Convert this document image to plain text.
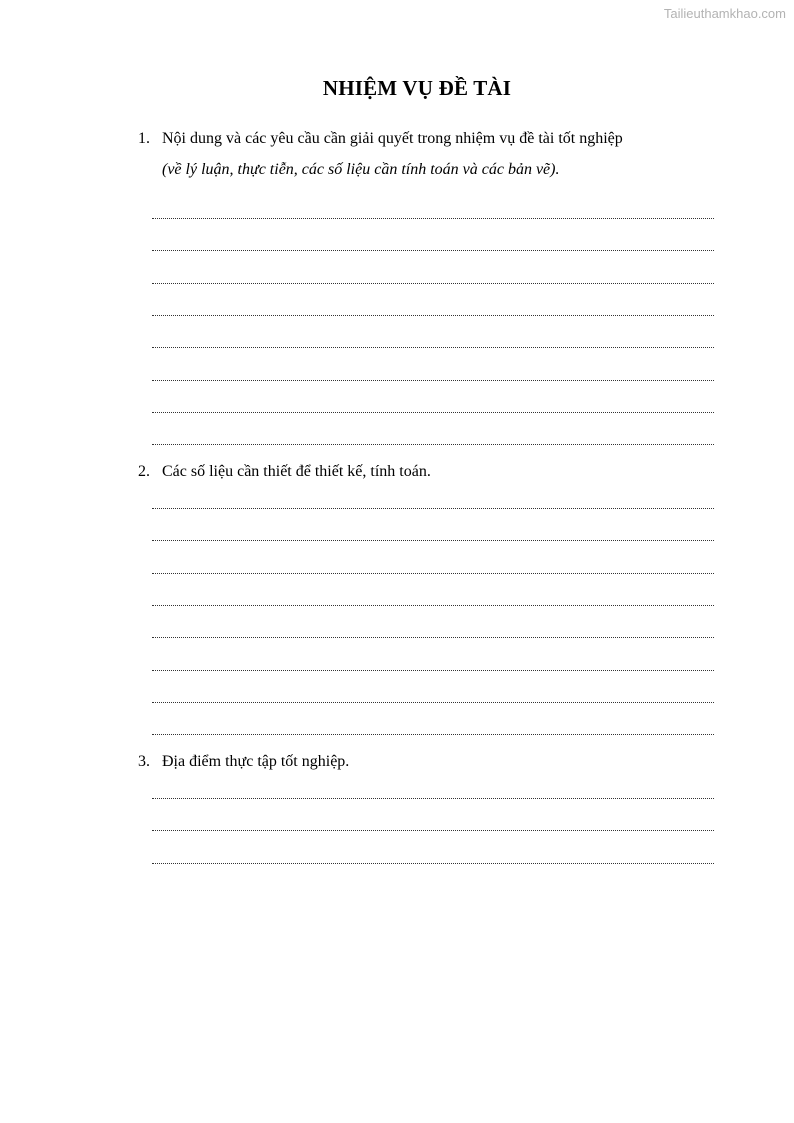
Tailieuthamkhao.com
NHIỆM VỤ ĐỀ TÀI
1. Nội dung và các yêu cầu cần giải quyết trong nhiệm vụ đề tài tốt nghiệp
(về lý luận, thực tiễn, các số liệu cần tính toán và các bản vẽ).
2. Các số liệu cần thiết để thiết kế, tính toán.
3. Địa điểm thực tập tốt nghiệp.
